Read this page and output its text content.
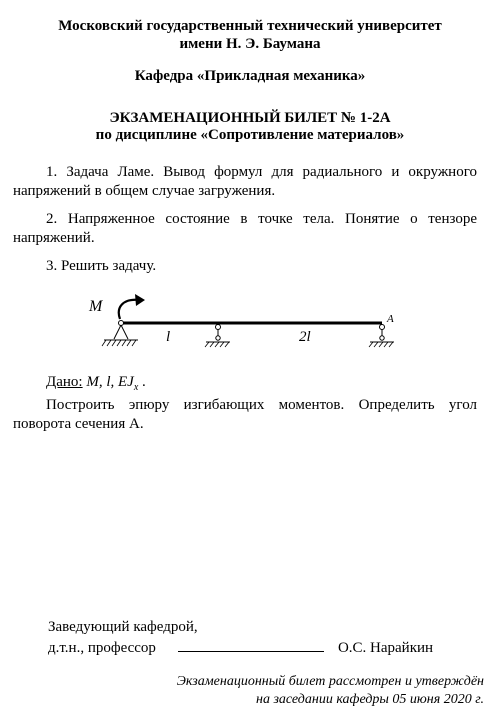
Московский государственный технический университет
имени Н. Э. Баумана
Кафедра «Прикладная механика»
ЭКЗАМЕНАЦИОННЫЙ БИЛЕТ № 1-2А
по дисциплине «Сопротивление материалов»
1. Задача Ламе. Вывод формул для радиального и окружного напряжений в общем случае загружения.
2. Напряженное состояние в точке тела. Понятие о тензоре напряжений.
3. Решить задачу.
M
l	2l
A
Дано: M, l, $EJ_x$ .
Построить эпюру изгибающих моментов. Определить угол поворота сечения А.
Заведующий кафедрой,
д.т.н., профессор	О.С. Нарайкин
Экзаменационный билет рассмотрен и утверждён
на заседании кафедры 05 июня 2020 г.
